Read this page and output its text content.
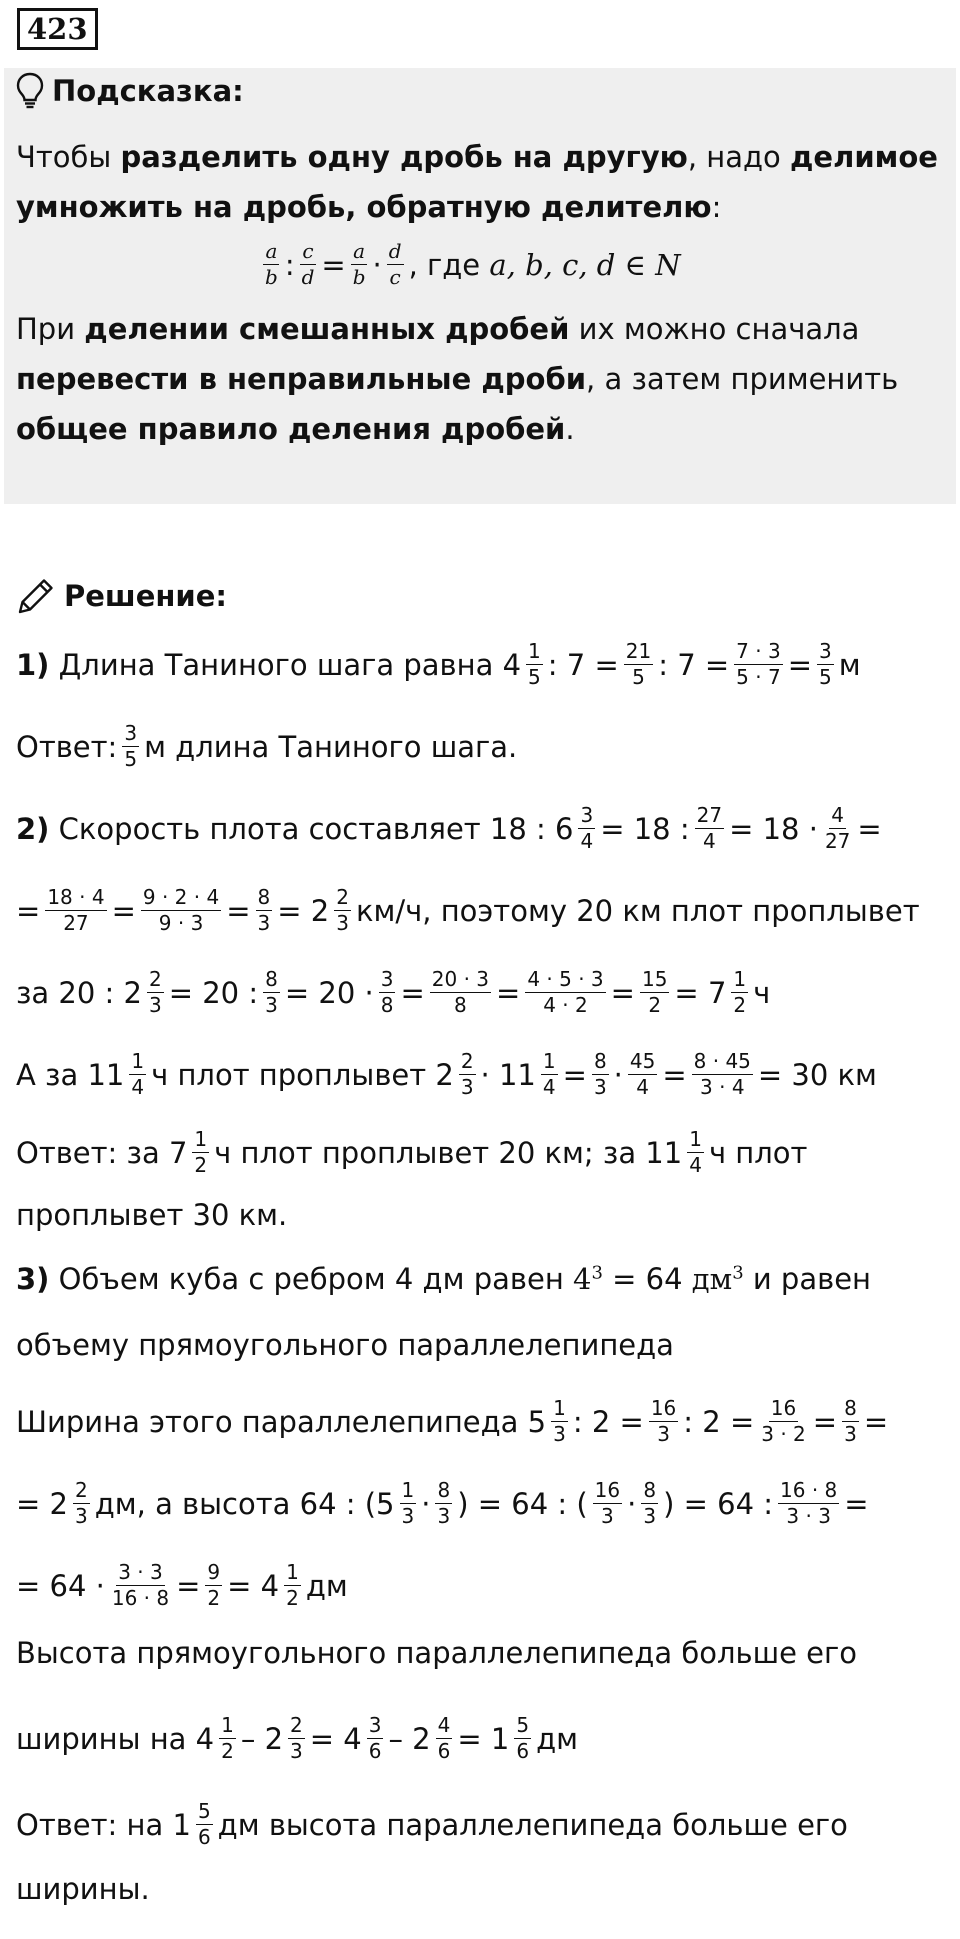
423
Подсказка:
Чтобы разделить одну дробь на другую , надо делимое
умножить на дробь, обратную делителю :
$\frac{a}{b}$ : $\frac{c}{d} = \frac{a}{b} \cdot \frac{d}{c}$ , где a, b, c, d ∈ N
При делении смешанных дробей их можно сначала
перевести в неправильные дроби , а затем применить
общее правило деления дробей .
Решение:
1) Длина Таниного шага равна $4 \frac{1}{5}$ : $7 = \frac{21}{5}$ : $7 = \frac{7 \cdot 3}{5 \cdot 7} = \frac{3}{5}$ м
Ответ: $\frac{3}{5}$ м длина Таниного шага.
2) Скорость плота составляет 18 : $6 \frac{3}{4} = 18$ : $\frac{27}{4} = 18 \cdot \frac{4}{27}$ =
= $\frac{18 \cdot 4}{27} = \frac{9 \cdot 2 \cdot 4}{9 \cdot 3} = \frac{8}{3} = 2 \frac{2}{3} км/ч$, поэтому 20 км плот проплывет
за 20 : $2 \frac{2}{3} = 20$ : $\frac{8}{3} = 20 \cdot \frac{3}{8} = \frac{20 \cdot 3}{8} = \frac{4 \cdot 5 \cdot 3}{4 \cdot 2} = \frac{15}{2} = 7 \frac{1}{2}$ ч
А за $11 \frac{1}{4}$ ч плот проплывет $2 \frac{2}{3} \cdot 11 \frac{1}{4} = \frac{8}{3} \cdot \frac{45}{4} = \frac{8 \cdot 45}{3 \cdot 4} = 30$ км
Ответ: за $7 \frac{1}{2}$ ч плот проплывет 20 км; за $11 \frac{1}{4}$ ч плот
проплывет 30 км.
3) Объем куба с ребром 4 дм равен $4^3 = 64$ $дм^3$ и равен
объему прямоугольного параллелепипеда
Ширина этого параллелепипеда $5 \frac{1}{3}$ : $2 = \frac{16}{3}$ : $2 = \frac{16}{3 \cdot 2} = \frac{8}{3}$ =
= $2 \frac{2}{3}$ дм, а высота 64 : ($5 \frac{1}{3} \cdot \frac{8}{3}$ ) = 64 : ( $\frac{16}{3} \cdot \frac{8}{3}$ ) = 64 : $\frac{16 \cdot 8}{3 \cdot 3}$ =
= $64 \cdot \frac{3 \cdot 3}{16 \cdot 8} = \frac{9}{2} = 4 \frac{1}{2}$ дм
Высота прямоугольного параллелепипеда больше его
ширины на $4 \frac{1}{2} - 2 \frac{2}{3} = 4 \frac{3}{6} - 2 \frac{4}{6} = 1 \frac{5}{6}$ дм
Ответ: на $1 \frac{5}{6}$ дм высота параллелепипеда больше его
ширины.
